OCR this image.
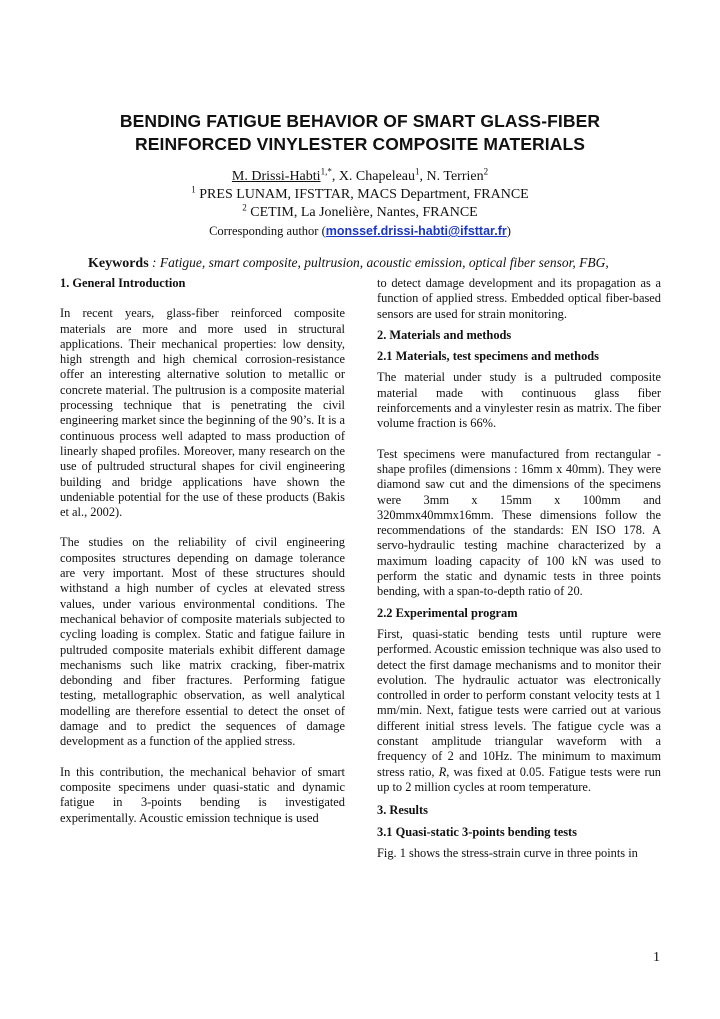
BENDING FATIGUE BEHAVIOR OF SMART GLASS-FIBER
REINFORCED VINYLESTER COMPOSITE MATERIALS
M. Drissi-Habti$^{1,*}$, X. Chapeleau$^1$, N. Terrien$^2$
$^1$ PRES LUNAM, IFSTTAR, MACS Department, FRANCE
$^2$ CETIM, La Jonelière, Nantes, FRANCE
Corresponding author (monssef.drissi-habti@ifsttar.fr)
Keywords : Fatigue, smart composite, pultrusion, acoustic emission, optical fiber sensor, FBG,
1. General Introduction

In recent years, glass-fiber reinforced composite materials are more and more used in structural applications. Their mechanical properties: low density, high strength and high chemical corrosion-resistance offer an interesting alternative solution to metallic or concrete material. The pultrusion is a composite material processing technique that is penetrating the civil engineering market since the beginning of the 90’s. It is a continuous process well adapted to mass production of linearly shaped profiles. Moreover, many research on the use of pultruded structural shapes for civil engineering building and bridge applications have shown the undeniable potential for the use of these products (Bakis et al., 2002).

The studies on the reliability of civil engineering composites structures depending on damage tolerance are very important. Most of these structures should withstand a high number of cycles at elevated stress values, under various environmental conditions. The mechanical behavior of composite materials subjected to cycling loading is complex. Static and fatigue failure in pultruded composite materials exhibit different damage mechanisms such like matrix cracking, fiber-matrix debonding and fiber fractures. Performing fatigue testing, metallographic observation, as well analytical modelling are therefore essential to detect the onset of damage and to predict the sequences of damage development as a function of the applied stress.

In this contribution, the mechanical behavior of smart composite specimens under quasi-static and dynamic fatigue in 3-points bending is investigated experimentally. Acoustic emission technique is used

to detect damage development and its propagation as a function of applied stress. Embedded optical fiber-based sensors are used for strain monitoring.

2. Materials and methods
2.1 Materials, test specimens and methods

The material under study is a pultruded composite material made with continuous glass fiber reinforcements and a vinylester resin as matrix. The fiber volume fraction is 66%.

Test specimens were manufactured from rectangular - shape profiles (dimensions : 16mm x 40mm). They were diamond saw cut and the dimensions of the specimens were 3mm x 15mm x 100mm and 320mmx40mmx16mm. These dimensions follow the recommendations of the standards: EN ISO 178. A servo-hydraulic testing machine characterized by a maximum loading capacity of 100 kN was used to perform the static and dynamic tests in three points bending, with a span-to-depth ratio of 20.

2.2 Experimental program

First, quasi-static bending tests until rupture were performed. Acoustic emission technique was also used to detect the first damage mechanisms and to monitor their evolution. The hydraulic actuator was electronically controlled in order to perform constant velocity tests at 1 mm/min. Next, fatigue tests were carried out at various different initial stress levels. The fatigue cycle was a constant amplitude triangular waveform with a frequency of 2 and 10Hz. The minimum to maximum stress ratio, R, was fixed at 0.05. Fatigue tests were run up to 2 million cycles at room temperature.

3. Results
3.1 Quasi-static 3-points bending tests

Fig. 1 shows the stress-strain curve in three points in

1
